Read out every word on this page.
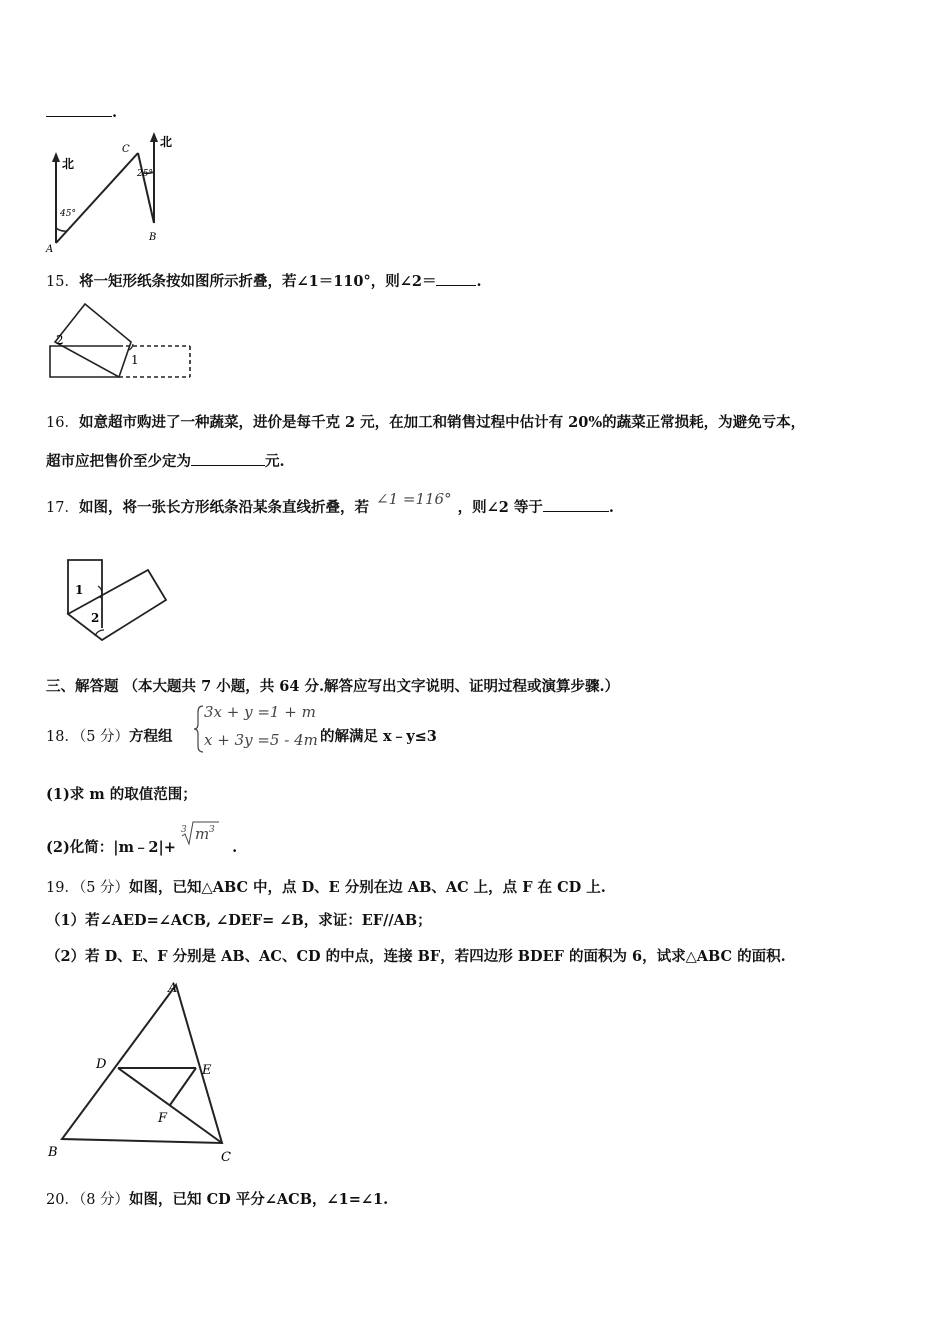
.
北
北
45°
25°
A
B
C
15．将一矩形纸条按如图所示折叠，若∠1＝110°，则∠2＝	.
2
1
16．如意超市购进了一种蔬菜，进价是每千克 2 元，在加工和销售过程中估计有 20%的蔬菜正常损耗，为避免亏本，
超市应把售价至少定为	元.
17．如图，将一张长方形纸条沿某条直线折叠，若 ∠1 =116° ，则∠2 等于	.
1
2
三、解答题 （本大题共 7 小题，共 64 分.解答应写出文字说明、证明过程或演算步骤.）
18．（5 分）方程组
3x + y =1 + m
x + 3y =5 - 4m 的解满足 x﹣y≤3
(1)求 m 的取值范围；
(2)化简：|m﹣2|+
3 m 3
.
19．（5 分）如图，已知△ABC 中，点 D、E 分别在边 AB、AC 上，点 F 在 CD 上.
（1）若∠AED=∠ACB, ∠DEF= ∠B，求证：EF//AB；
（2）若 D、E、F 分别是 AB、AC、CD 的中点，连接 BF，若四边形 BDEF 的面积为 6，试求△ABC 的面积.
A
B	C
D	E
F
20．（8 分）如图，已知 CD 平分∠ACB，∠1=∠1.
